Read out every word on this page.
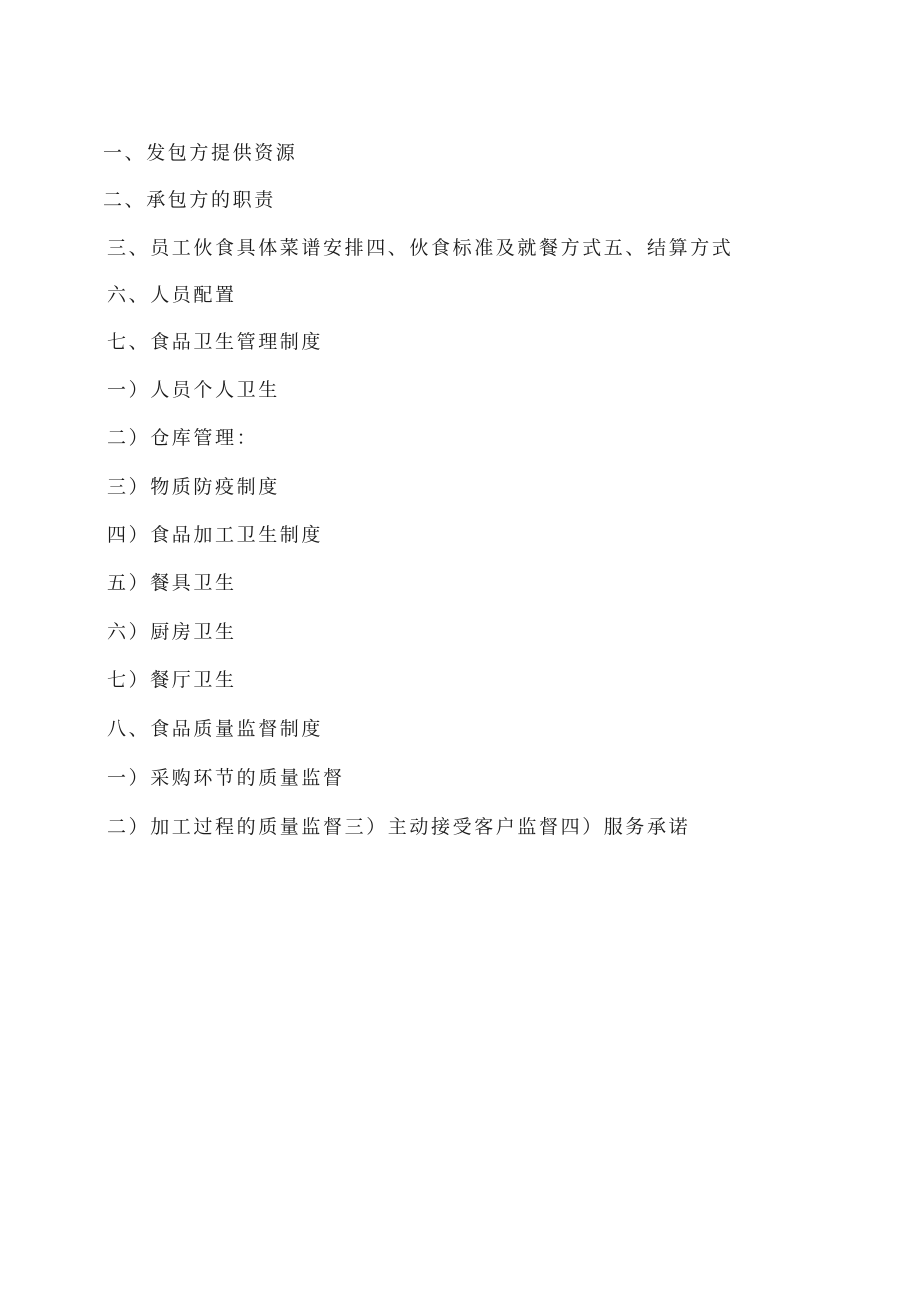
一、发包方提供资源
二、承包方的职责
三、员工伙食具体菜谱安排四、伙食标准及就餐方式五、结算方式
六、人员配置
七、食品卫生管理制度
一）人员个人卫生
二）仓库管理：
三）物质防疫制度
四）食品加工卫生制度
五）餐具卫生
六）厨房卫生
七）餐厅卫生
八、食品质量监督制度
一）采购环节的质量监督
二）加工过程的质量监督三）主动接受客户监督四）服务承诺
